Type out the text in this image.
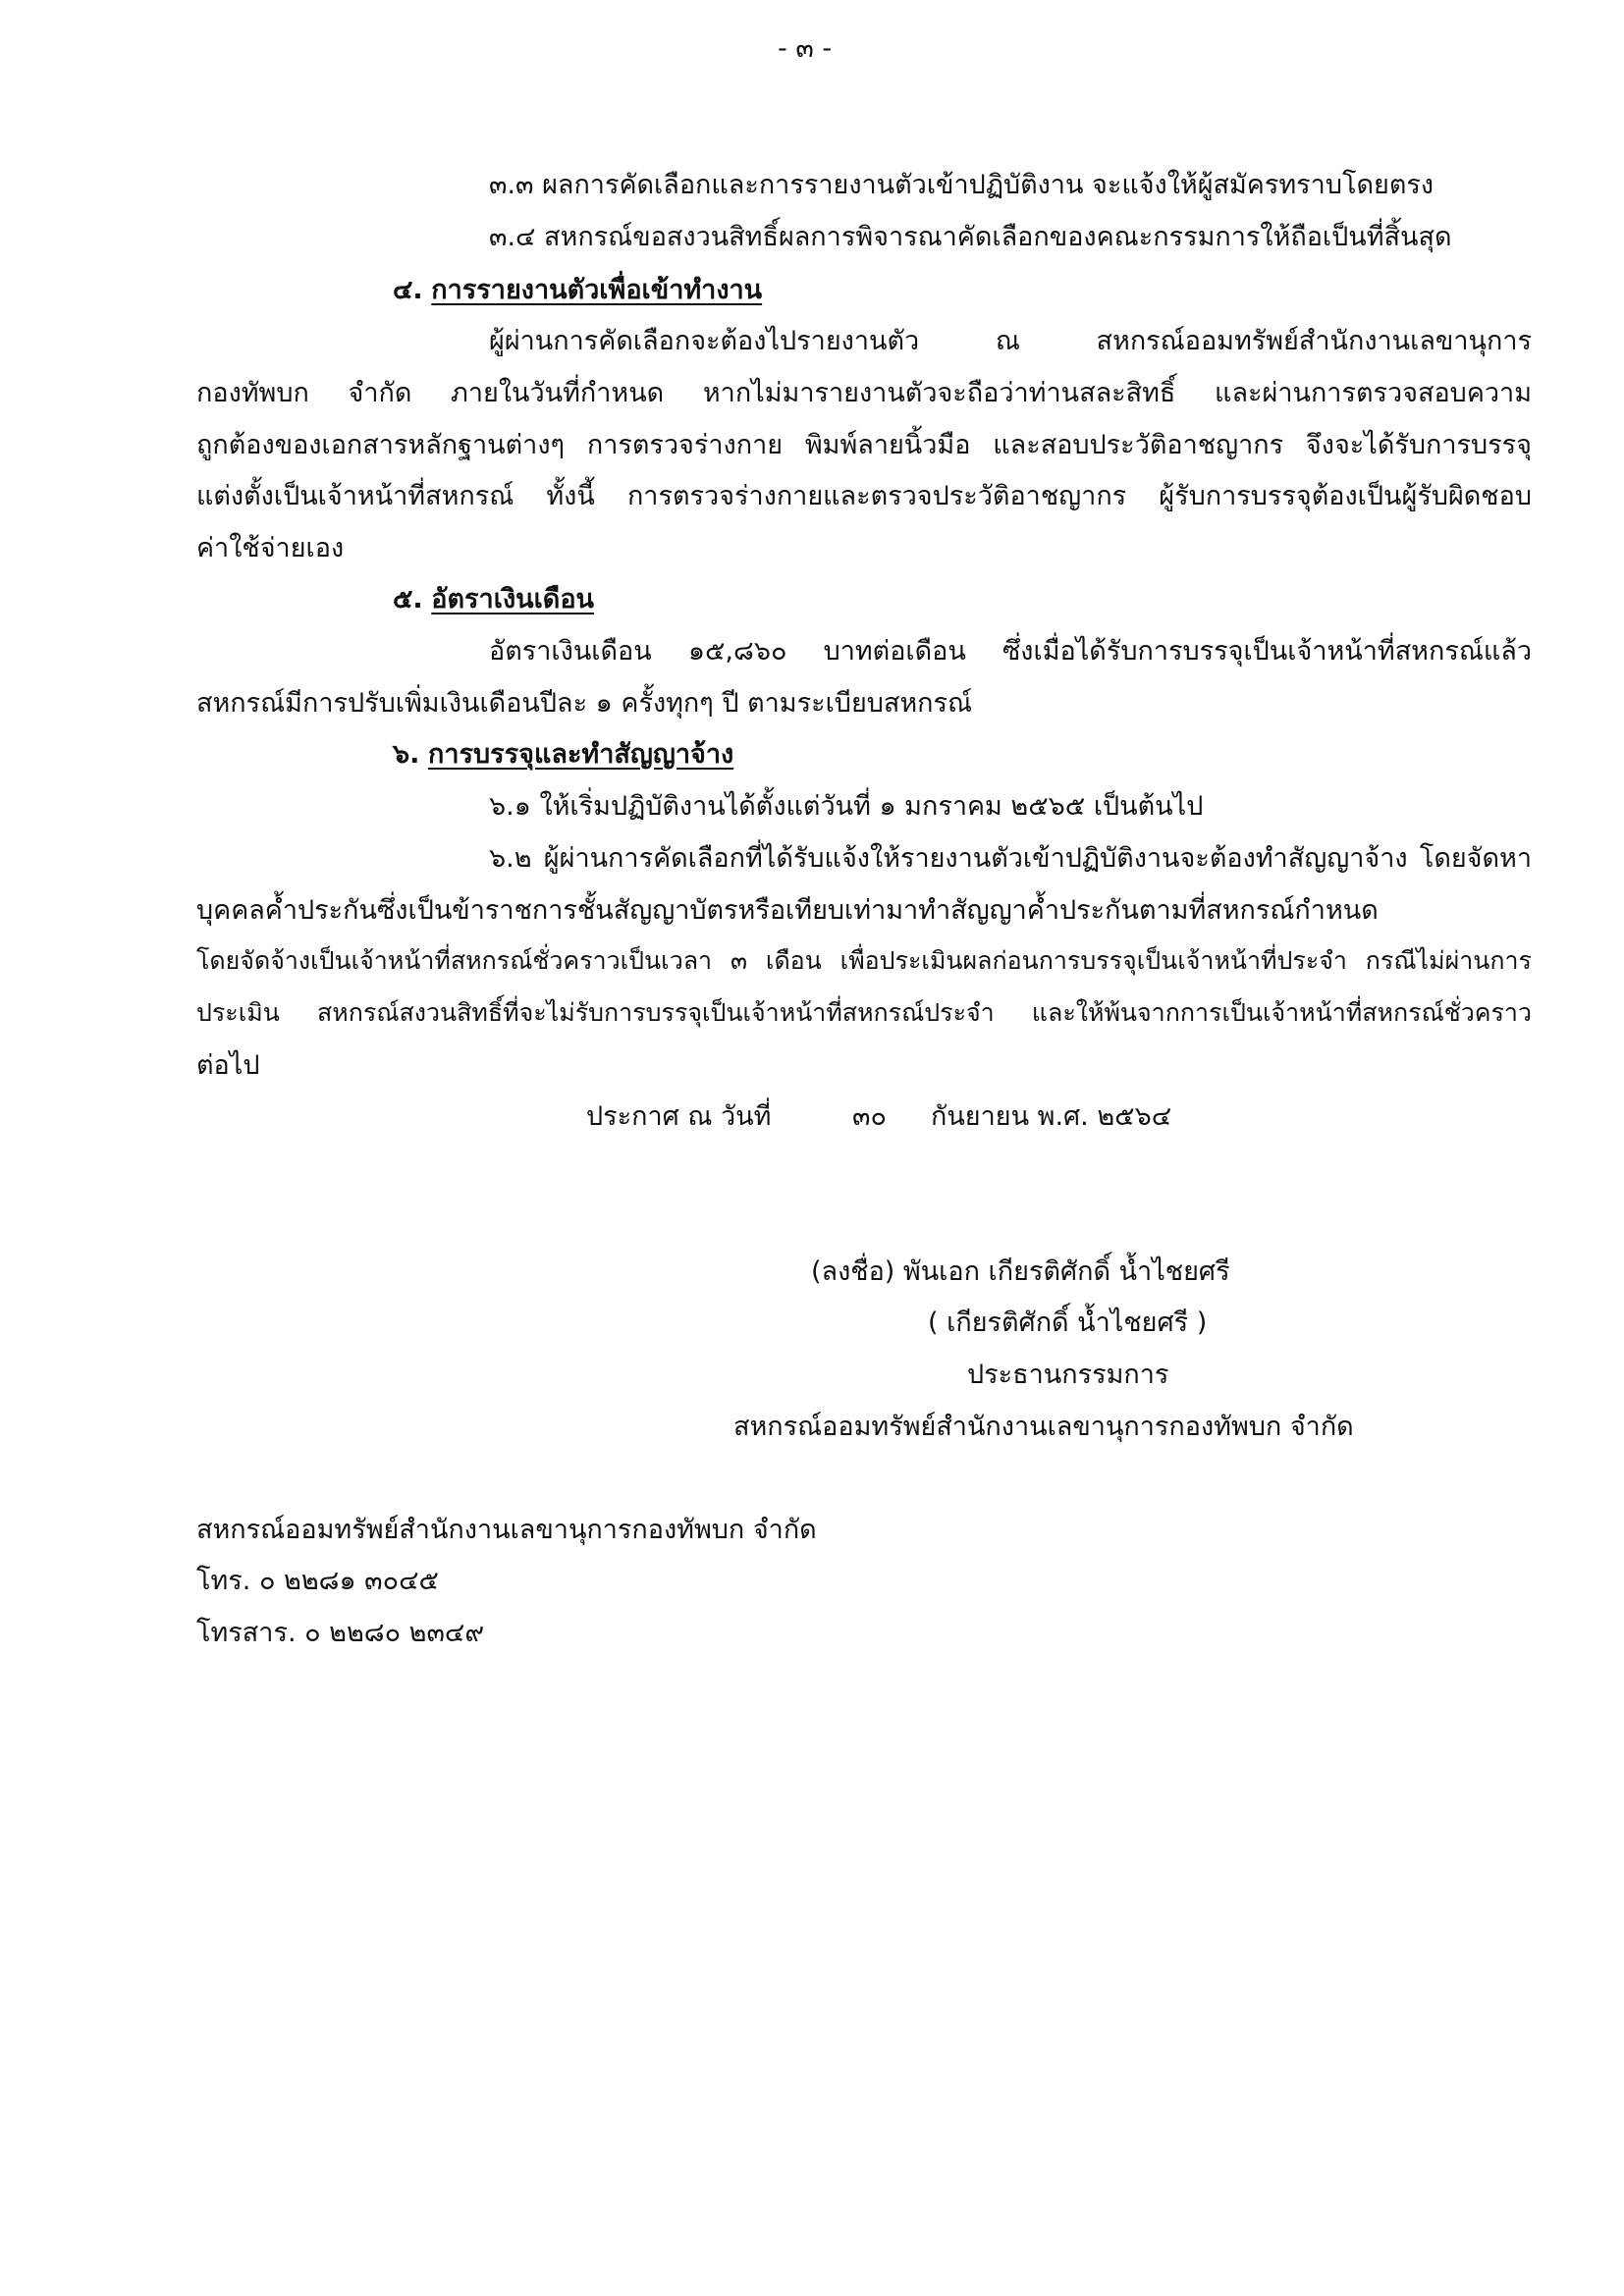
- ๓ -
๓.๓ ผลการคัดเลือกและการรายงานตัวเข้าปฏิบัติงาน จะแจ้งให้ผู้สมัครทราบโดยตรง
๓.๔ สหกรณ์ขอสงวนสิทธิ์ผลการพิจารณาคัดเลือกของคณะกรรมการให้ถือเป็นที่สิ้นสุด
๔. การรายงานตัวเพื่อเข้าทำงาน
ผู้ผ่านการคัดเลือกจะต้องไปรายงานตัว ณ สหกรณ์ออมทรัพย์สำนักงานเลขานุการ
กองทัพบก จำกัด ภายในวันที่กำหนด หากไม่มารายงานตัวจะถือว่าท่านสละสิทธิ์ และผ่านการตรวจสอบความ
ถูกต้องของเอกสารหลักฐานต่างๆ การตรวจร่างกาย พิมพ์ลายนิ้วมือ และสอบประวัติอาชญากร จึงจะได้รับการบรรจุ
แต่งตั้งเป็นเจ้าหน้าที่สหกรณ์ ทั้งนี้ การตรวจร่างกายและตรวจประวัติอาชญากร ผู้รับการบรรจุต้องเป็นผู้รับผิดชอบ
ค่าใช้จ่ายเอง
๕. อัตราเงินเดือน
อัตราเงินเดือน ๑๕,๘๖๐ บาทต่อเดือน ซึ่งเมื่อได้รับการบรรจุเป็นเจ้าหน้าที่สหกรณ์แล้ว
สหกรณ์มีการปรับเพิ่มเงินเดือนปีละ ๑ ครั้งทุกๆ ปี ตามระเบียบสหกรณ์
๖. การบรรจุและทำสัญญาจ้าง
๖.๑ ให้เริ่มปฏิบัติงานได้ตั้งแต่วันที่ ๑ มกราคม ๒๕๖๕ เป็นต้นไป
๖.๒ ผู้ผ่านการคัดเลือกที่ได้รับแจ้งให้รายงานตัวเข้าปฏิบัติงานจะต้องทำสัญญาจ้าง โดยจัดหา
บุคคลค้ำประกันซึ่งเป็นข้าราชการชั้นสัญญาบัตรหรือเทียบเท่ามาทำสัญญาค้ำประกันตามที่สหกรณ์กำหนด
โดยจัดจ้างเป็นเจ้าหน้าที่สหกรณ์ชั่วคราวเป็นเวลา ๓ เดือน เพื่อประเมินผลก่อนการบรรจุเป็นเจ้าหน้าที่ประจำ กรณีไม่ผ่านการ
ประเมิน สหกรณ์สงวนสิทธิ์ที่จะไม่รับการบรรจุเป็นเจ้าหน้าที่สหกรณ์ประจำ และให้พ้นจากการเป็นเจ้าหน้าที่สหกรณ์ชั่วคราว
ต่อไป
ประกาศ ณ วันที่	๓๐ กันยายน พ.ศ. ๒๕๖๔
(ลงชื่อ) พันเอก เกียรติศักดิ์ น้ำไชยศรี
( เกียรติศักดิ์ น้ำไชยศรี )
ประธานกรรมการ
สหกรณ์ออมทรัพย์สำนักงานเลขานุการกองทัพบก จำกัด
สหกรณ์ออมทรัพย์สำนักงานเลขานุการกองทัพบก จำกัด
โทร. ๐ ๒๒๘๑ ๓๐๔๕
โทรสาร. ๐ ๒๒๘๐ ๒๓๔๙
